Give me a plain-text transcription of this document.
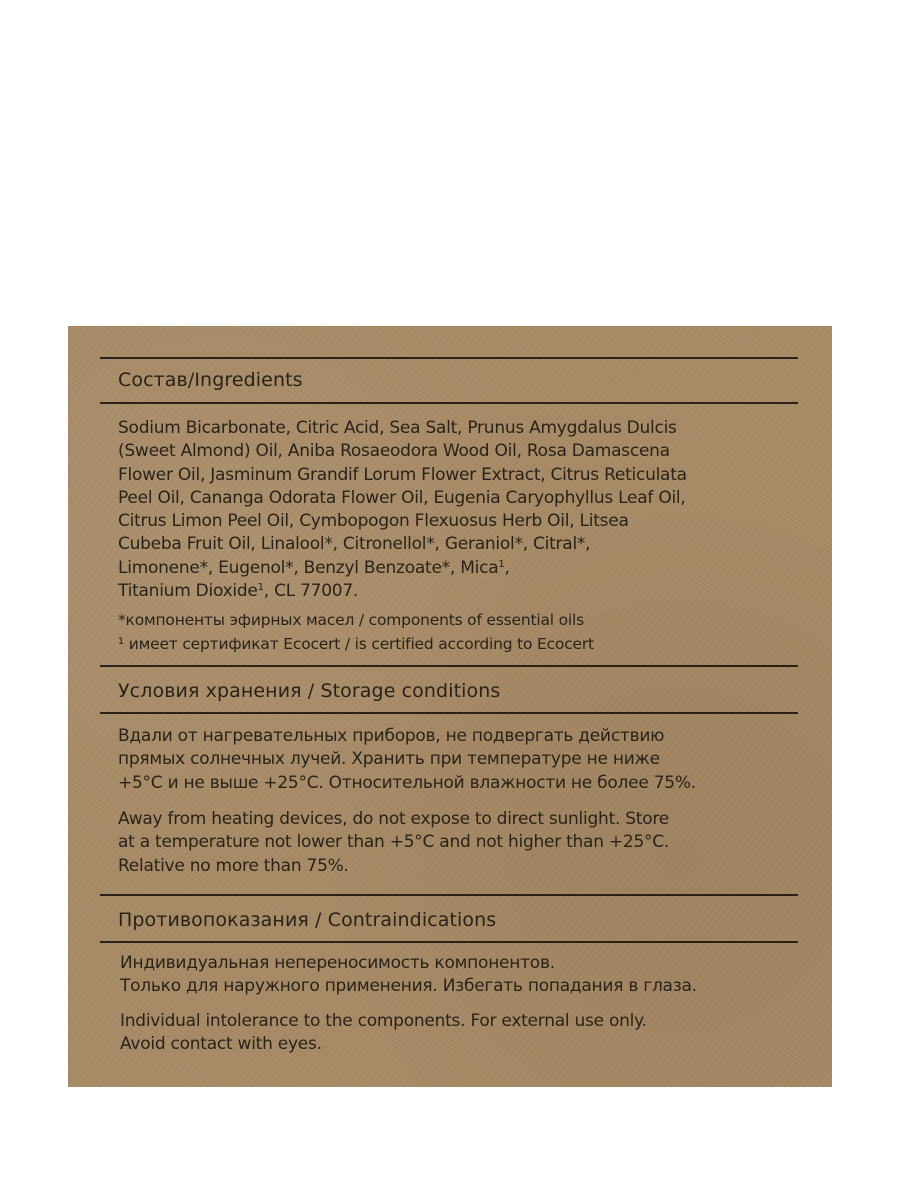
Состав/Ingredients
Sodium Bicarbonate, Citric Acid, Sea Salt, Prunus Amygdalus Dulcis
(Sweet Almond) Oil, Aniba Rosaeodora Wood Oil, Rosa Damascena
Flower Oil, Jasminum Grandif Lorum Flower Extract, Citrus Reticulata
Peel Oil, Cananga Odorata Flower Oil, Eugenia Caryophyllus Leaf Oil,
Citrus Limon Peel Oil, Cymbopogon Flexuosus Herb Oil, Litsea
Cubeba Fruit Oil, Linalool*, Citronellol*, Geraniol*, Citral*,
Limonene*, Eugenol*, Benzyl Benzoate*, Mica$^1$,
Titanium Dioxide$^1$, CL 77007.
*компоненты эфирных масел / components of essential oils
¹ имеет сертификат Ecocert / is certified according to Ecocert
Условия хранения / Storage conditions
Вдали от нагревательных приборов, не подвергать действию
прямых солнечных лучей. Хранить при температуре не ниже
+5°С и не выше +25°С. Относительной влажности не более 75%.
Away from heating devices, do not expose to direct sunlight. Store
at a temperature not lower than +5°C and not higher than +25°C.
Relative no more than 75%.
Противопоказания / Contraindications
Индивидуальная непереносимость компонентов.
Только для наружного применения. Избегать попадания в глаза.
Individual intolerance to the components. For external use only.
Avoid contact with eyes.
